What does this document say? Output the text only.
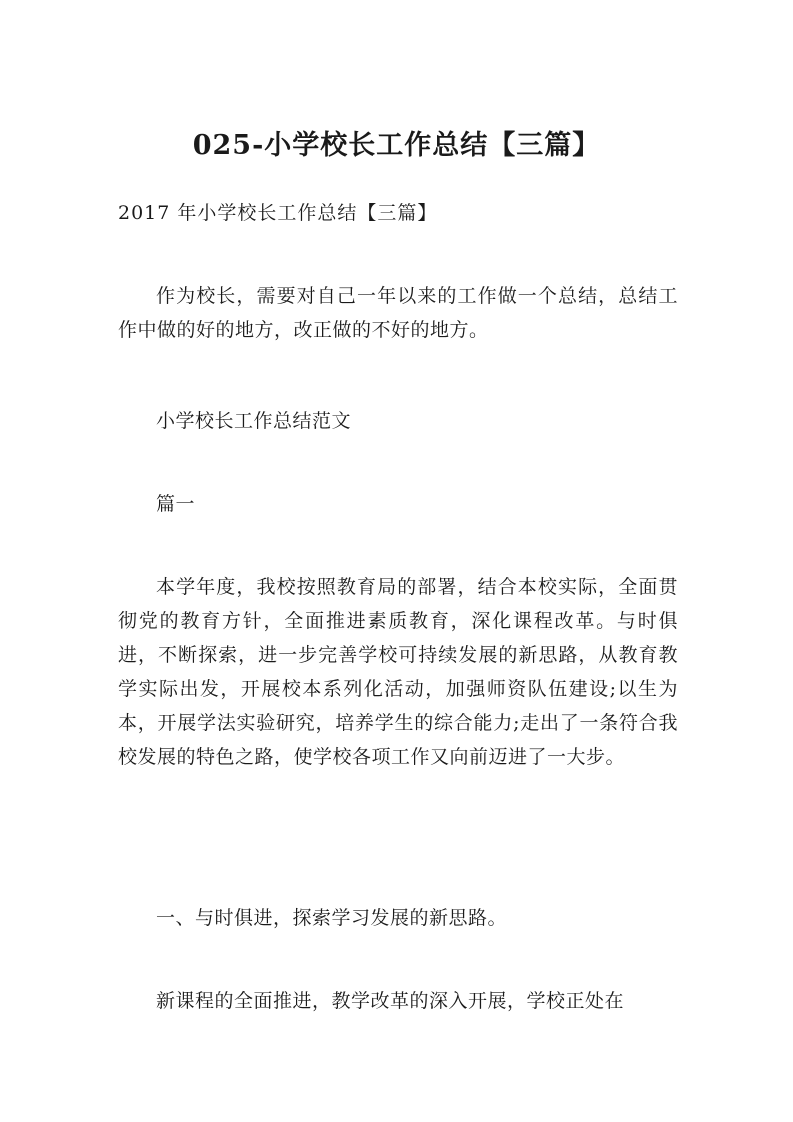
025-小学校长工作总结【三篇】
2017 年小学校长工作总结【三篇】

作为校长，需要对自己一年以来的工作做一个总结，总结工作中做的好的地方，改正做的不好的地方。

小学校长工作总结范文

篇一

本学年度，我校按照教育局的部署，结合本校实际，全面贯彻党的教育方针，全面推进素质教育，深化课程改革。与时俱进，不断探索，进一步完善学校可持续发展的新思路，从教育教学实际出发，开展校本系列化活动，加强师资队伍建设;以生为本，开展学法实验研究，培养学生的综合能力;走出了一条符合我校发展的特色之路，使学校各项工作又向前迈进了一大步。

一、与时俱进，探索学习发展的新思路。

新课程的全面推进，教学改革的深入开展，学校正处在
